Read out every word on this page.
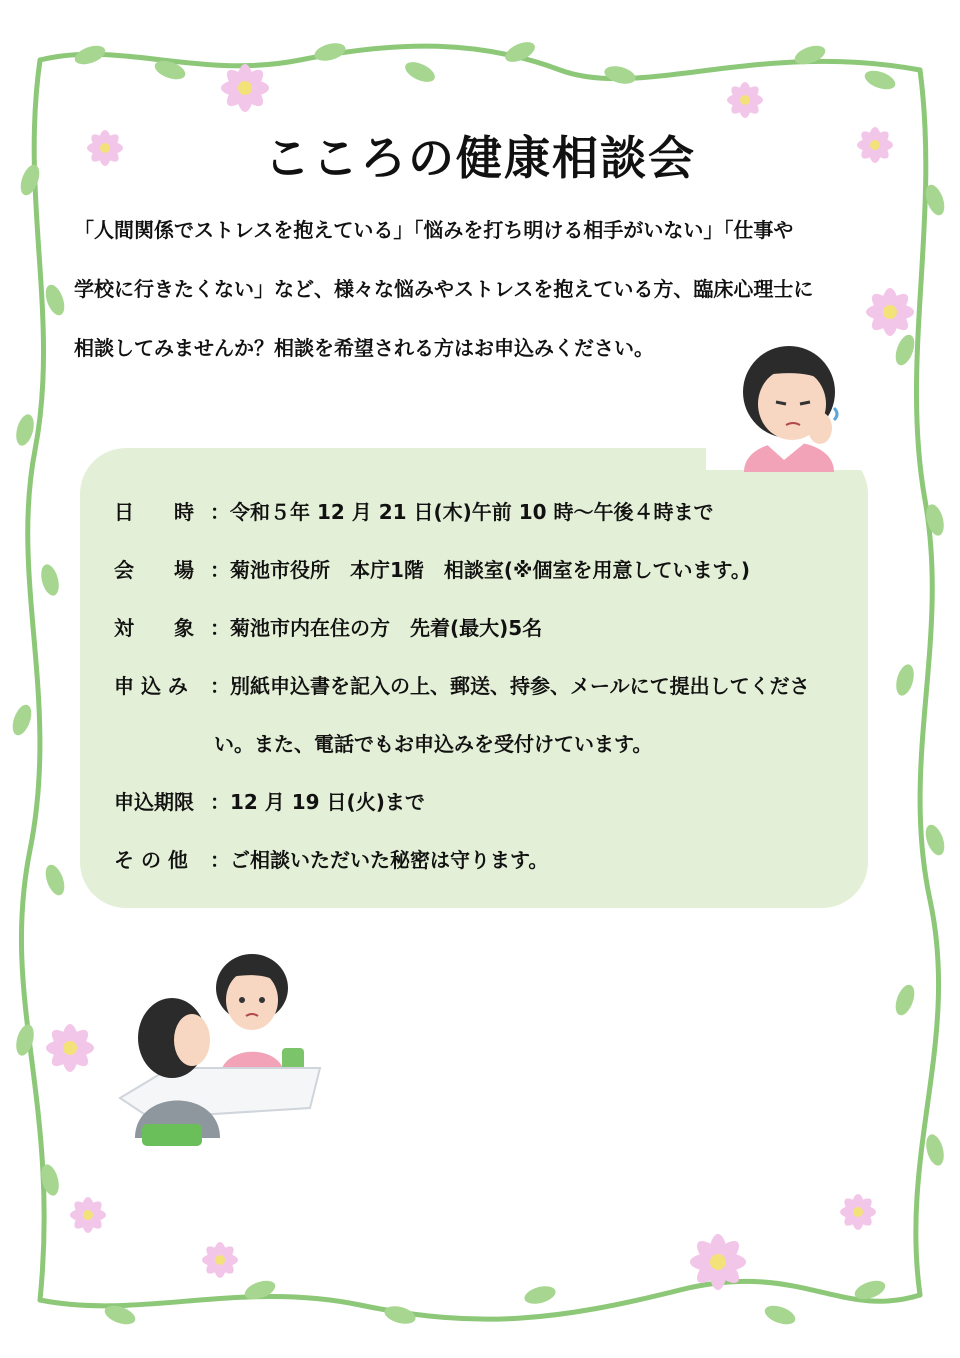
こころの健康相談会
「人間関係でストレスを抱えている」「悩みを打ち明ける相手がいない」「仕事や
学校に行きたくない」など、様々な悩みやストレスを抱えている方、臨床心理士に
相談してみませんか？相談を希望される方はお申込みください。
日　　時 ：令和５年 12 月 21 日(木)午前 10 時～午後４時まで
会　　場 ：菊池市役所　本庁1階　相談室(※個室を用意しています。)
対　　象 ：菊池市内在住の方　先着(最大)5名
申 込 み ：別紙申込書を記入の上、郵送、持参、メールにて提出してくださ
い。また、電話でもお申込みを受付けています。
申込期限 ：12 月 19 日(火)まで
そ の 他 ：ご相談いただいた秘密は守ります。
